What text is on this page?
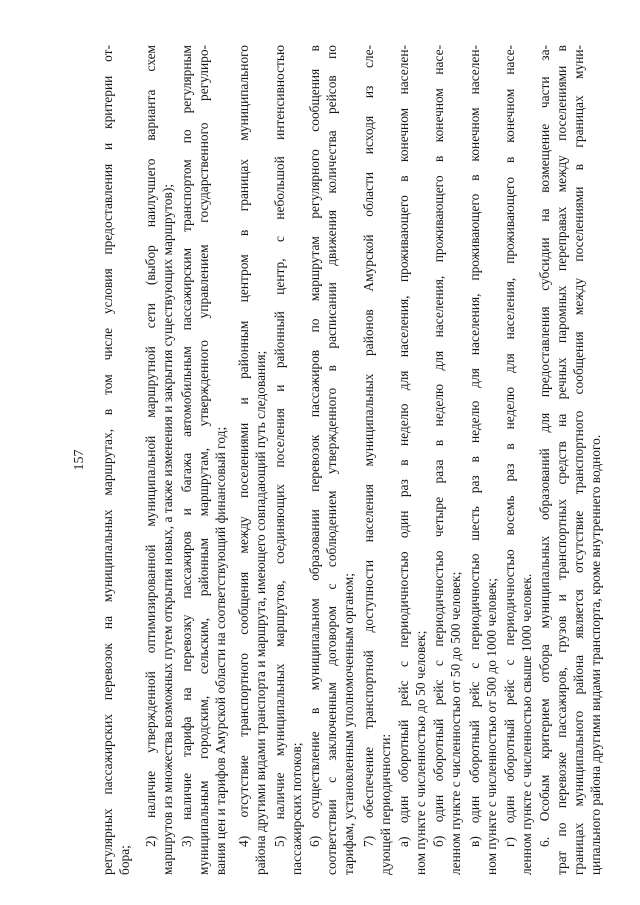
регулярных пассажирских перевозок на муниципальных маршрутах, в том числе условия предоставления и критерии от- бора;
2) наличие утвержденной оптимизированной муниципальной маршрутной сети (выбор наилучшего варианта схем маршрутов из множества возможных путем открытия новых, а также изменения и закрытия существующих маршрутов); 3) наличие тарифа на перевозку пассажиров и багажа автомобильным пассажирским транспортом по регулярным муниципальным городским, сельским, районным маршрутам, утвержденного управлением государственного регулиро- вания цен и тарифов Амурской области на соответствующий финансовый год; 4) отсутствие транспортного сообщения между поселениями и районным центром в границах муниципального района другими видами транспорта и маршрута, имеющего совпадающий путь следования; 5) наличие муниципальных маршрутов, соединяющих поселения и районный центр, с небольшой интенсивностью пассажирских потоков; 6) осуществление в муниципальном образовании перевозок пассажиров по маршрутам регулярного сообщения в соответствии с заключенным договором с соблюдением утвержденного в расписании движения количества рейсов по тарифам, установленным уполномоченным органом; 7) обеспечение транспортной доступности населения муниципальных районов Амурской области исходя из сле- дующей периодичности: а) один оборотный рейс с периодичностью один раз в неделю для населения, проживающего в конечном населен- ном пункте с численностью до 50 человек; б) один оборотный рейс с периодичностью четыре раза в неделю для населения, проживающего в конечном насе- ленном пункте с численностью от 50 до 500 человек; в) один оборотный рейс с периодичностью шесть раз в неделю для населения, проживающего в конечном населен- ном пункте с численностью от 500 до 1000 человек; г) один оборотный рейс с периодичностью восемь раз в неделю для населения, проживающего в конечном насе- ленном пункте с численностью свыше 1000 человек. 6. Особым критерием отбора муниципальных образований для предоставления субсидии на возмещение части за- трат по перевозке пассажиров, грузов и транспортных средств на речных паромных переправах между поселениями в границах муниципального района является отсутствие транспортного сообщения между поселениями в границах муни- ципального района другими видами транспорта, кроме внутреннего водного.
157
